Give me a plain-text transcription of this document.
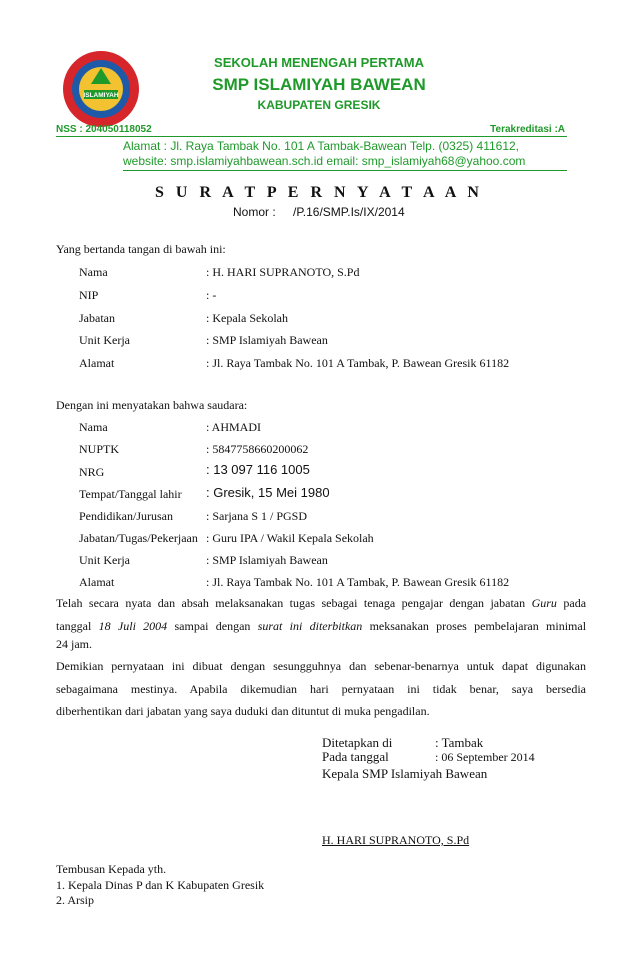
ISLAMIYAH
SEKOLAH MENENGAH PERTAMA
SMP ISLAMIYAH BAWEAN
KABUPATEN GRESIK
NSS : 204050118052	Terakreditasi :A
Alamat : Jl. Raya Tambak No. 101 A Tambak-Bawean Telp. (0325) 411612,
website: smp.islamiyahbawean.sch.id email: smp_islamiyah68@yahoo.com
S U R A T P E R N Y A T A A N
Nomor : /P.16/SMP.Is/IX/2014
Yang bertanda tangan di bawah ini:
Nama	: H. HARI SUPRANOTO, S.Pd
NIP	: -
Jabatan	: Kepala Sekolah
Unit Kerja	: SMP Islamiyah Bawean
Alamat	: Jl. Raya Tambak No. 101 A Tambak, P. Bawean Gresik 61182
Dengan ini menyatakan bahwa saudara:
Nama	: AHMADI
NUPTK	: 5847758660200062
NRG	: 13 097 116 1005
Tempat/Tanggal lahir : Gresik, 15 Mei 1980
Pendidikan/Jurusan	: Sarjana S 1 / PGSD
Jabatan/Tugas/Pekerjaan : Guru IPA / Wakil Kepala Sekolah
Unit Kerja	: SMP Islamiyah Bawean
Alamat	: Jl. Raya Tambak No. 101 A Tambak, P. Bawean Gresik 61182
Telah secara nyata dan absah melaksanakan tugas sebagai tenaga pengajar dengan jabatan Guru pada
tanggal 18 Juli 2004 sampai dengan surat ini diterbitkan meksanakan proses pembelajaran minimal
24 jam.
Demikian pernyataan ini dibuat dengan sesungguhnya dan sebenar-benarnya untuk dapat digunakan
sebagaimana mestinya. Apabila dikemudian hari pernyataan ini tidak benar, saya bersedia
diberhentikan dari jabatan yang saya duduki dan dituntut di muka pengadilan.
Ditetapkan di	: Tambak
Pada tanggal	: 06 September 2014
Kepala SMP Islamiyah Bawean
H. HARI SUPRANOTO, S.Pd
Tembusan Kepada yth.
1. Kepala Dinas P dan K Kabupaten Gresik
2. Arsip
